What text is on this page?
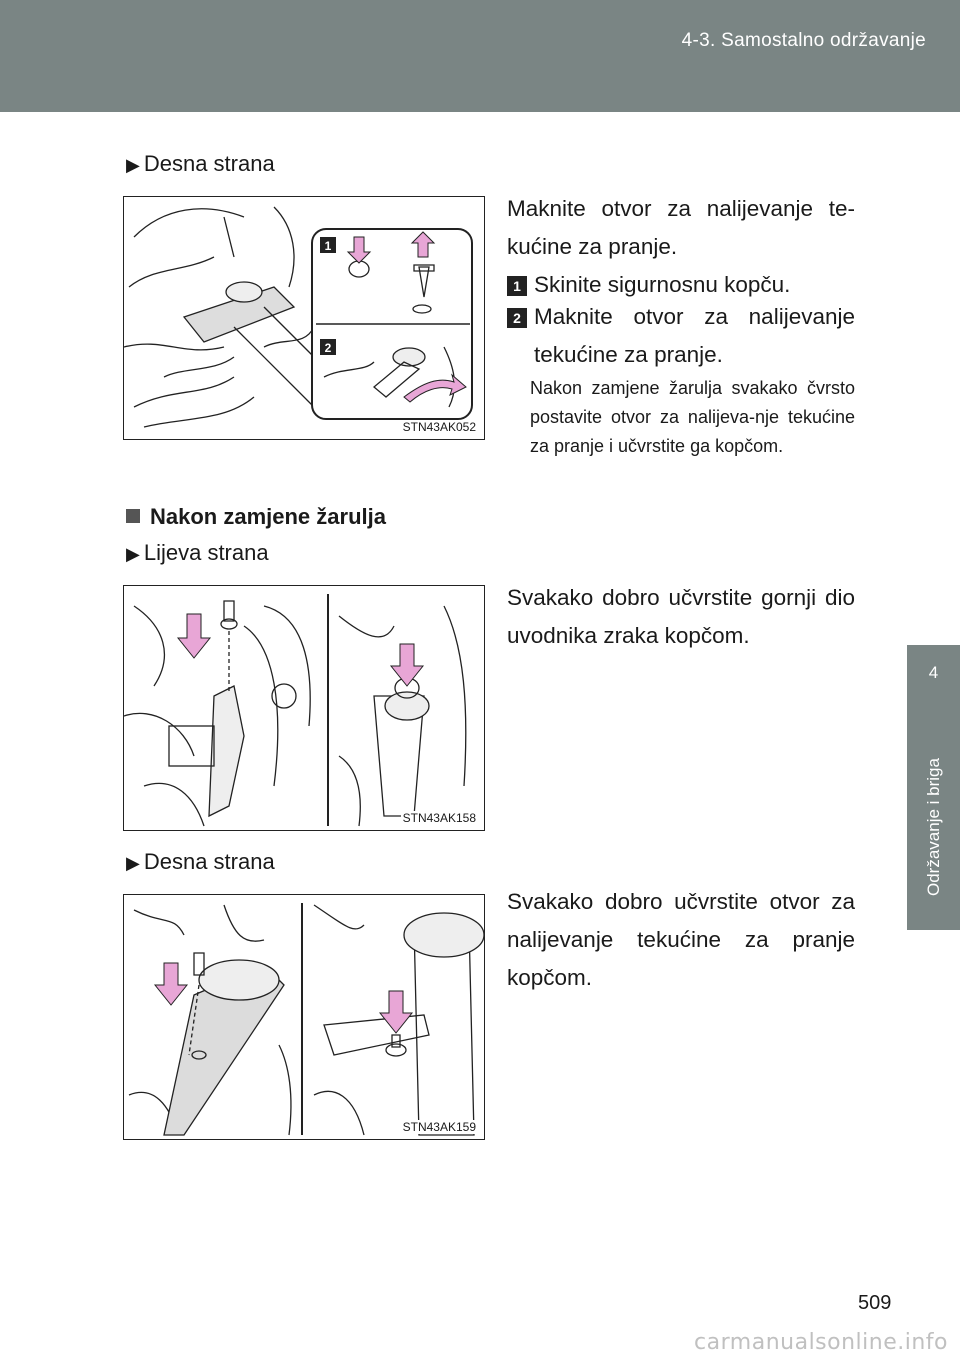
4-3. Samostalno održavanje
4
Održavanje i briga
▶ Desna strana
1
2
STN43AK052
Maknite otvor za nalijevanje te-kućine za pranje.
1 Skinite sigurnosnu kopču.
2 Maknite otvor za nalijevanje tekućine za pranje.
Nakon zamjene žarulja svakako čvrsto postavite otvor za nalijeva-nje tekućine za pranje i učvrstite ga kopčom.
Nakon zamjene žarulja
▶ Lijeva strana
STN43AK158
Svakako dobro učvrstite gornji dio uvodnika zraka kopčom.
▶ Desna strana
STN43AK159
Svakako dobro učvrstite otvor za nalijevanje tekućine za pranje kopčom.
509
carmanualsonline.info
